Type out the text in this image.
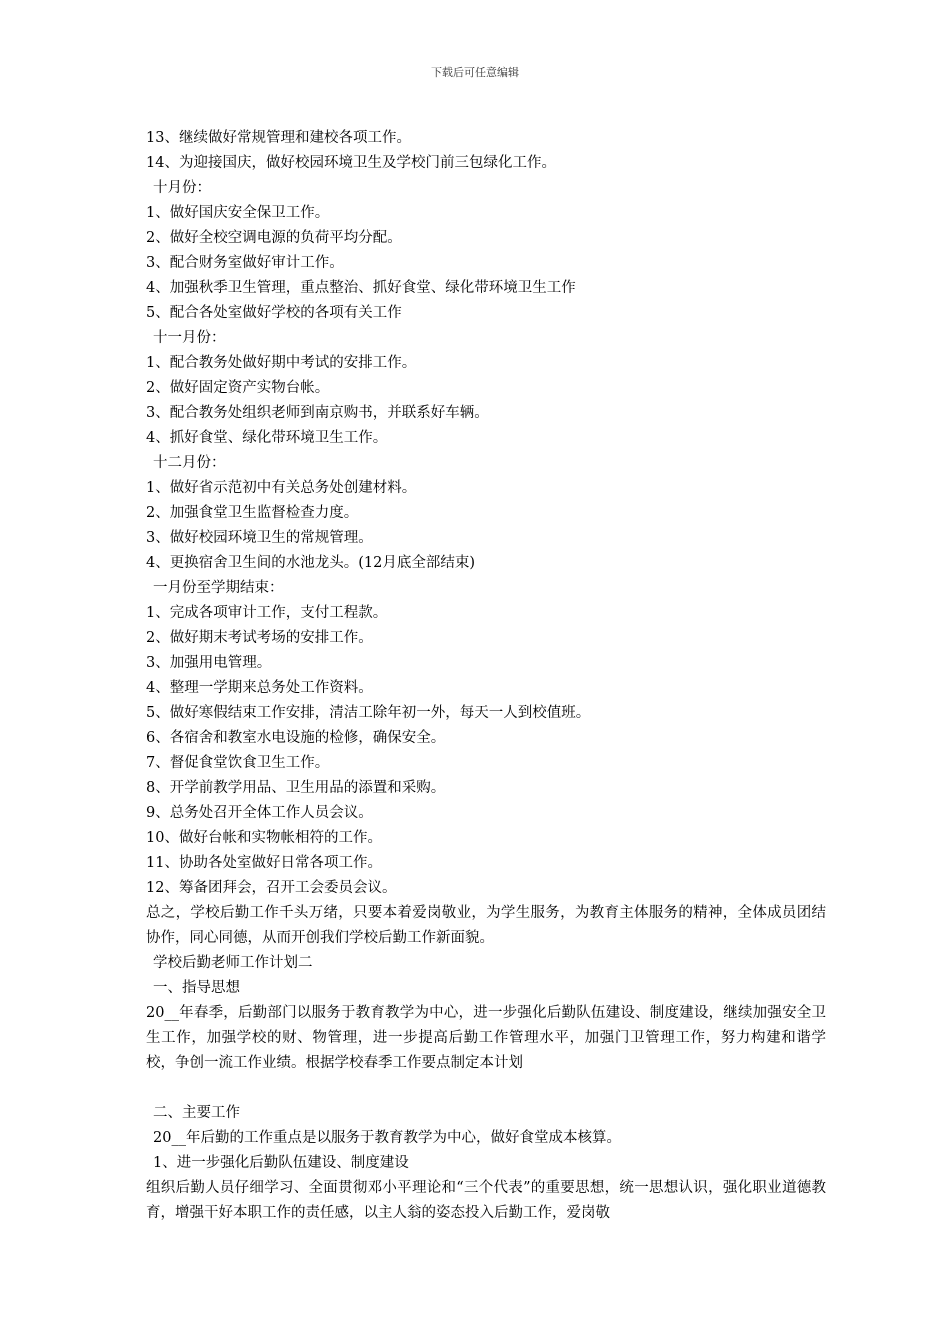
下载后可任意编辑
13、继续做好常规管理和建校各项工作。
14、为迎接国庆，做好校园环境卫生及学校门前三包绿化工作。
十月份：
1、做好国庆安全保卫工作。
2、做好全校空调电源的负荷平均分配。
3、配合财务室做好审计工作。
4、加强秋季卫生管理，重点整治、抓好食堂、绿化带环境卫生工作
5、配合各处室做好学校的各项有关工作
十一月份：
1、配合教务处做好期中考试的安排工作。
2、做好固定资产实物台帐。
3、配合教务处组织老师到南京购书，并联系好车辆。
4、抓好食堂、绿化带环境卫生工作。
十二月份：
1、做好省示范初中有关总务处创建材料。
2、加强食堂卫生监督检查力度。
3、做好校园环境卫生的常规管理。
4、更换宿舍卫生间的水池龙头。(12月底全部结束)
一月份至学期结束：
1、完成各项审计工作，支付工程款。
2、做好期末考试考场的安排工作。
3、加强用电管理。
4、整理一学期来总务处工作资料。
5、做好寒假结束工作安排，清洁工除年初一外，每天一人到校值班。
6、各宿舍和教室水电设施的检修，确保安全。
7、督促食堂饮食卫生工作。
8、开学前教学用品、卫生用品的添置和采购。
9、总务处召开全体工作人员会议。
10、做好台帐和实物帐相符的工作。
11、协助各处室做好日常各项工作。
12、筹备团拜会，召开工会委员会议。
总之，学校后勤工作千头万绪，只要本着爱岗敬业，为学生服务，为教育主体服务的精神，全体成员团结协作，同心同德，从而开创我们学校后勤工作新面貌。
学校后勤老师工作计划二
一、指导思想
20__年春季，后勤部门以服务于教育教学为中心，进一步强化后勤队伍建设、制度建设，继续加强安全卫生工作，加强学校的财、物管理，进一步提高后勤工作管理水平，加强门卫管理工作，努力构建和谐学校，争创一流工作业绩。根据学校春季工作要点制定本计划
二、主要工作
20__年后勤的工作重点是以服务于教育教学为中心，做好食堂成本核算。
1、进一步强化后勤队伍建设、制度建设
组织后勤人员仔细学习、全面贯彻邓小平理论和“三个代表”的重要思想，统一思想认识，强化职业道德教育，增强干好本职工作的责任感，以主人翁的姿态投入后勤工作，爱岗敬
